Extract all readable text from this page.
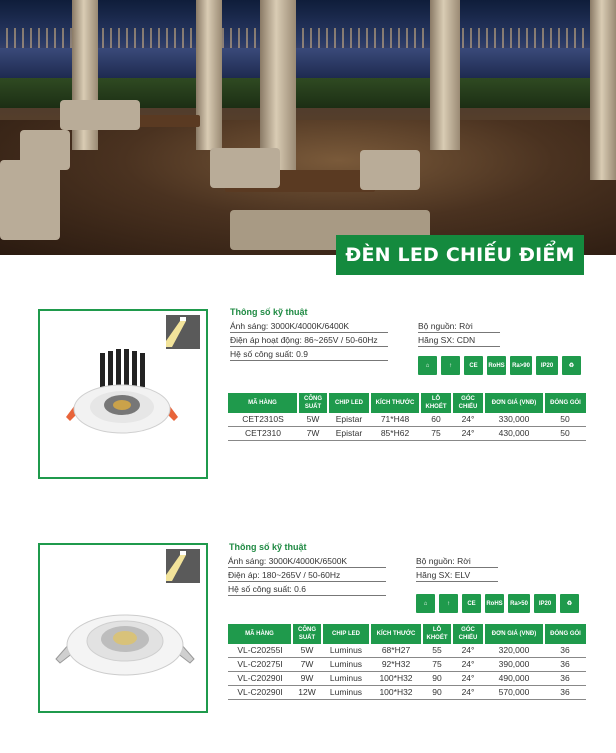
ĐÈN LED CHIẾU ĐIỂM
Thông số kỹ thuật
Ánh sáng: 3000K/4000K/6400K
Điện áp hoạt động: 86~265V / 50-60Hz
Hệ số công suất: 0.9
Bộ nguồn: Rời
Hãng SX: CDN
⌂	↑	CE	RoHS	Ra>90	IP20	♻
MÃ HÀNG	CÔNG SUẤT	CHIP LED	KÍCH THƯỚC	LỖ KHOÉT	GÓC CHIẾU	ĐƠN GIÁ (VNĐ)	ĐÓNG GÓI
CET2310S	5W	Epistar	71*H48	60	24°	330,000	50
CET2310	7W	Epistar	85*H62	75	24°	430,000	50
Thông số kỹ thuật
Ánh sáng: 3000K/4000K/6500K
Điện áp: 180~265V / 50-60Hz
Hệ số công suất: 0.6
Bộ nguồn: Rời
Hãng SX: ELV
⌂	↑	CE	RoHS	Ra>50	IP20	♻
MÃ HÀNG	CÔNG SUẤT	CHIP LED	KÍCH THƯỚC	LỖ KHOÉT	GÓC CHIẾU	ĐƠN GIÁ (VNĐ)	ĐÓNG GÓI
VL-C20255I	5W	Luminus	68*H27	55	24°	320,000	36
VL-C20275I	7W	Luminus	92*H32	75	24°	390,000	36
VL-C20290I	9W	Luminus	100*H32	90	24°	490,000	36
VL-C20290I	12W	Luminus	100*H32	90	24°	570,000	36
